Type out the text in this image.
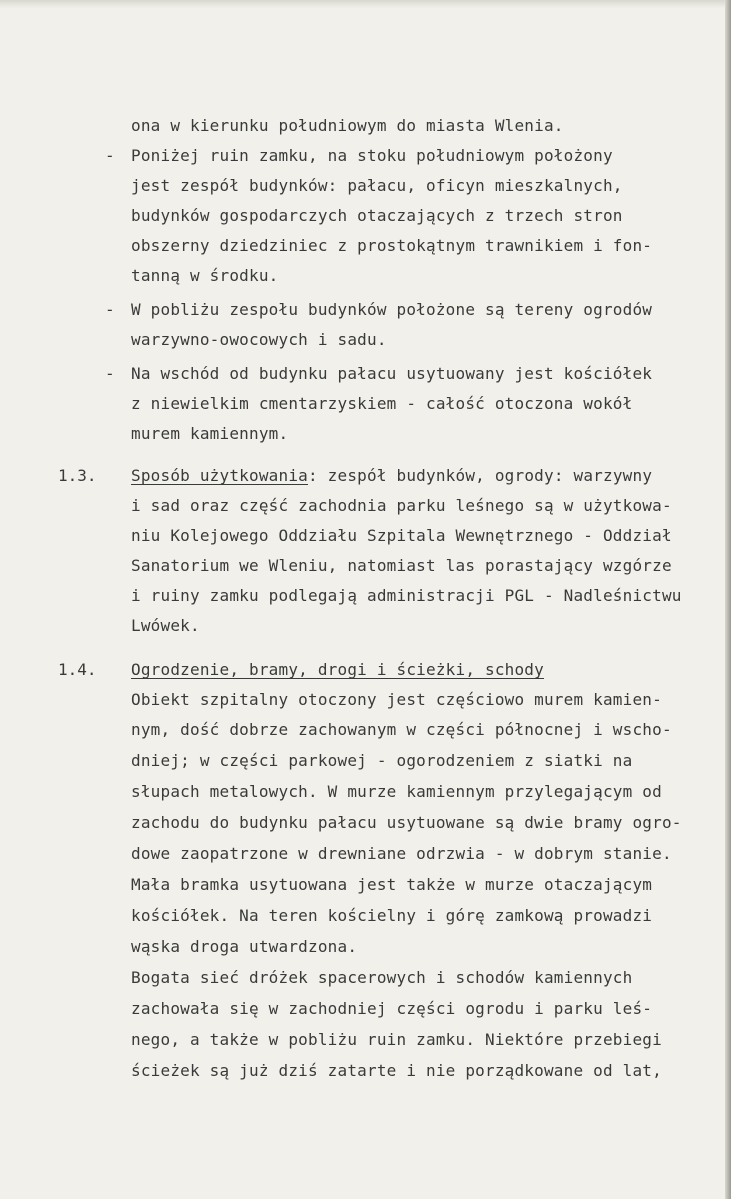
ona w kierunku południowym do miasta Wlenia.
- Poniżej ruin zamku, na stoku południowym położony
jest zespół budynków: pałacu, oficyn mieszkalnych,
budynków gospodarczych otaczających z trzech stron
obszerny dziedziniec z prostokątnym trawnikiem i fon-
tanną w środku.
- W pobliżu zespołu budynków położone są tereny ogrodów
warzywno-owocowych i sadu.
- Na wschód od budynku pałacu usytuowany jest kościółek
z niewielkim cmentarzyskiem - całość otoczona wokół
murem kamiennym.
1.3. Sposób użytkowania: zespół budynków, ogrody: warzywny
i sad oraz część zachodnia parku leśnego są w użytkowa-
niu Kolejowego Oddziału Szpitala Wewnętrznego - Oddział
Sanatorium we Wleniu, natomiast las porastający wzgórze
i ruiny zamku podlegają administracji PGL - Nadleśnictwu
Lwówek.
1.4. Ogrodzenie, bramy, drogi i ścieżki, schody
Obiekt szpitalny otoczony jest częściowo murem kamien-
nym, dość dobrze zachowanym w części północnej i wscho-
dniej; w części parkowej - ogorodzeniem z siatki na
słupach metalowych. W murze kamiennym przylegającym od
zachodu do budynku pałacu usytuowane są dwie bramy ogro-
dowe zaopatrzone w drewniane odrzwia - w dobrym stanie.
Mała bramka usytuowana jest także w murze otaczającym
kościółek. Na teren kościelny i górę zamkową prowadzi
wąska droga utwardzona.
Bogata sieć dróżek spacerowych i schodów kamiennych
zachowała się w zachodniej części ogrodu i parku leś-
nego, a także w pobliżu ruin zamku. Niektóre przebiegi
ścieżek są już dziś zatarte i nie porządkowane od lat,
